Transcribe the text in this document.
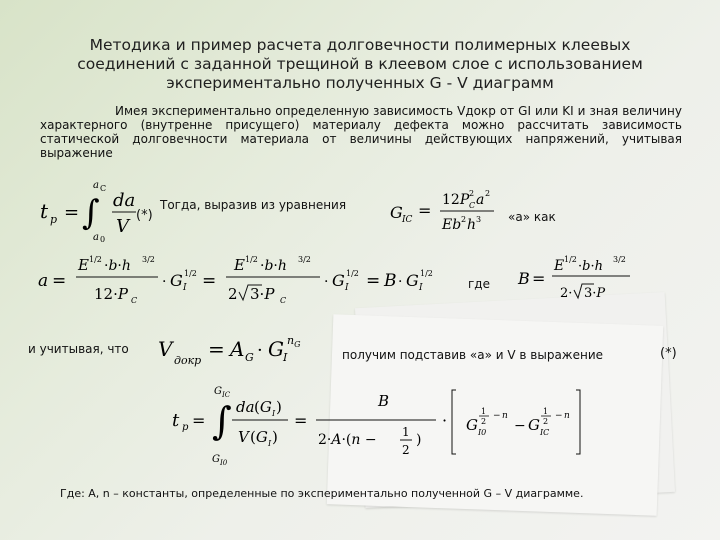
Методика и пример расчета долговечности полимерных клеевых
соединений с заданной трещиной в клеевом слое с использованием
экспериментально полученных G - V диаграмм
Имея экспериментально определенную зависимость Vдокр от GI или KI и зная величину характерного (внутренне присущего) материалу дефекта можно рассчитать зависимость статической долговечности материала от величины действующих напряжений, учитывая выражение
t p = ∫
a C
a 0
da
V
(*)
Тогда, выразив из уравнения	G IC =
12P 2
C a 2
Eb 2 h 3 «а» как
a =
E 1/2 ·b·h 3/2
12·P C
· G I
1/2 =
E 1/2 ·b·h 3/2
2 3·P C
· G I
1/2 = B · G I
1/2
где B =
E 1/2 ·b·h 3/2
2· 3·P
и учитывая, что V докр = A G · G I
$n_G$
получим подставив «а» и V в выражение	(*)
t p = ∫
G IC
G I0
da (G I )
V (G I )
=
B
2·A·(n − 1
2
)
· G I0
1
2
− n
− G IC
1
2
− n
Где: A, n – константы, определенные по экспериментально полученной G – V диаграмме.
